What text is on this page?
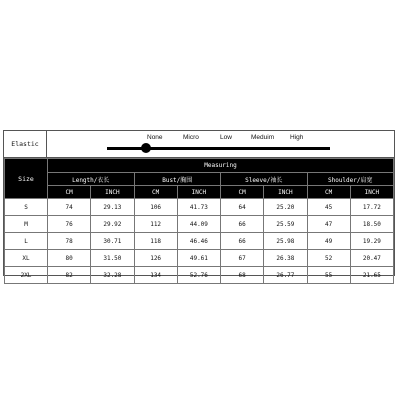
Elastic
None	Micro	Low	Meduim High
Size	Measuring							
	Length/衣长		Bust/胸围		Sleeve/袖长		Shoulder/肩宽	
	CM	INCH	CM	INCH	CM	INCH	CM	INCH
S	74	29.13	106	41.73	64	25.20	45	17.72
M	76	29.92	112	44.09	66	25.59	47	18.50
L	78	30.71	118	46.46	66	25.98	49	19.29
XL	80	31.50	126	49.61	67	26.38	52	20.47
2XL	82	32.28	134	52.76	68	26.77	55	21.65
